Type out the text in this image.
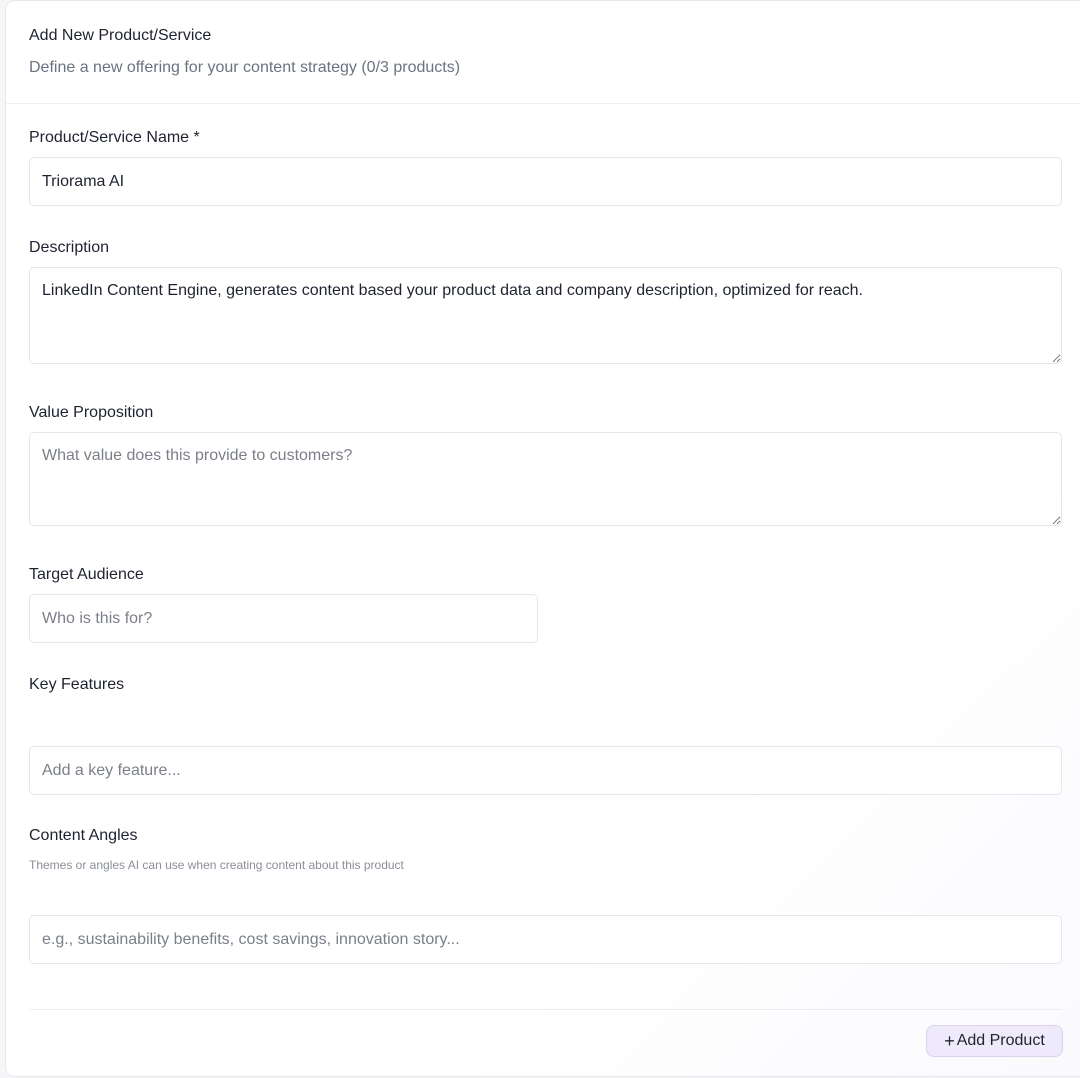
Add New Product/Service
Define a new offering for your content strategy (0/3 products)
Product/Service Name *
Triorama AI
Description
LinkedIn Content Engine, generates content based your product data and company description, optimized for reach.
Value Proposition
What value does this provide to customers?
Target Audience
Who is this for?
Key Features
Add a key feature...
Content Angles
Themes or angles AI can use when creating content about this product
e.g., sustainability benefits, cost savings, innovation story...
+ Add Product
